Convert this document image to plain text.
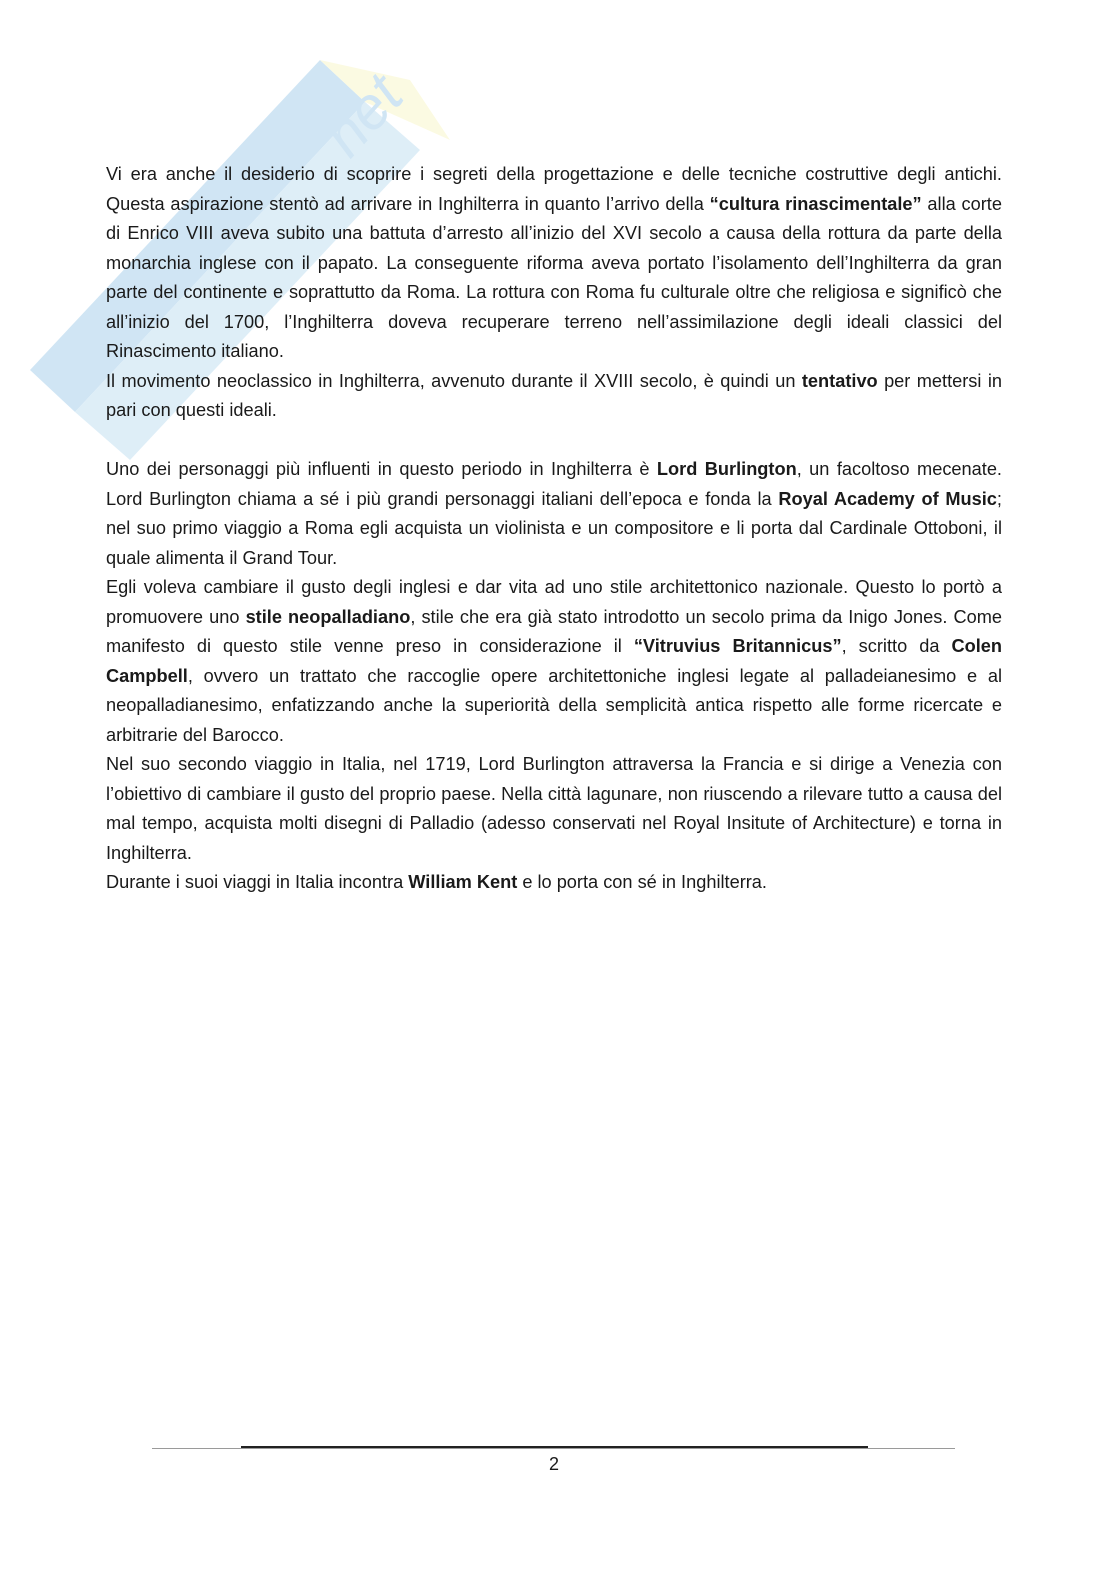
net

Vi era anche il desiderio di scoprire i segreti della progettazione e delle tecniche costruttive degli antichi. Questa aspirazione stentò ad arrivare in Inghilterra in quanto l’arrivo della “cultura rinascimentale” alla corte di Enrico VIII aveva subito una battuta d’arresto all’inizio del XVI secolo a causa della rottura da parte della monarchia inglese con il papato. La conseguente riforma aveva portato l’isolamento dell’Inghilterra da gran parte del continente e soprattutto da Roma. La rottura con Roma fu culturale oltre che religiosa e significò che all’inizio del 1700, l’Inghilterra doveva recuperare terreno nell’assimilazione degli ideali classici del Rinascimento italiano.

Il movimento neoclassico in Inghilterra, avvenuto durante il XVIII secolo, è quindi un tentativo per mettersi in pari con questi ideali.

Uno dei personaggi più influenti in questo periodo in Inghilterra è Lord Burlington, un facoltoso mecenate. Lord Burlington chiama a sé i più grandi personaggi italiani dell’epoca e fonda la Royal Academy of Music; nel suo primo viaggio a Roma egli acquista un violinista e un compositore e li porta dal Cardinale Ottoboni, il quale alimenta il Grand Tour.

Egli voleva cambiare il gusto degli inglesi e dar vita ad uno stile architettonico nazionale. Questo lo portò a promuovere uno stile neopalladiano, stile che era già stato introdotto un secolo prima da Inigo Jones. Come manifesto di questo stile venne preso in considerazione il “Vitruvius Britannicus”, scritto da Colen Campbell, ovvero un trattato che raccoglie opere architettoniche inglesi legate al palladeianesimo e al neopalladianesimo, enfatizzando anche la superiorità della semplicità antica rispetto alle forme ricercate e arbitrarie del Barocco.

Nel suo secondo viaggio in Italia, nel 1719, Lord Burlington attraversa la Francia e si dirige a Venezia con l’obiettivo di cambiare il gusto del proprio paese. Nella città lagunare, non riuscendo a rilevare tutto a causa del mal tempo, acquista molti disegni di Palladio (adesso conservati nel Royal Insitute of Architecture) e torna in Inghilterra.

Durante i suoi viaggi in Italia incontra William Kent e lo porta con sé in Inghilterra.

2
